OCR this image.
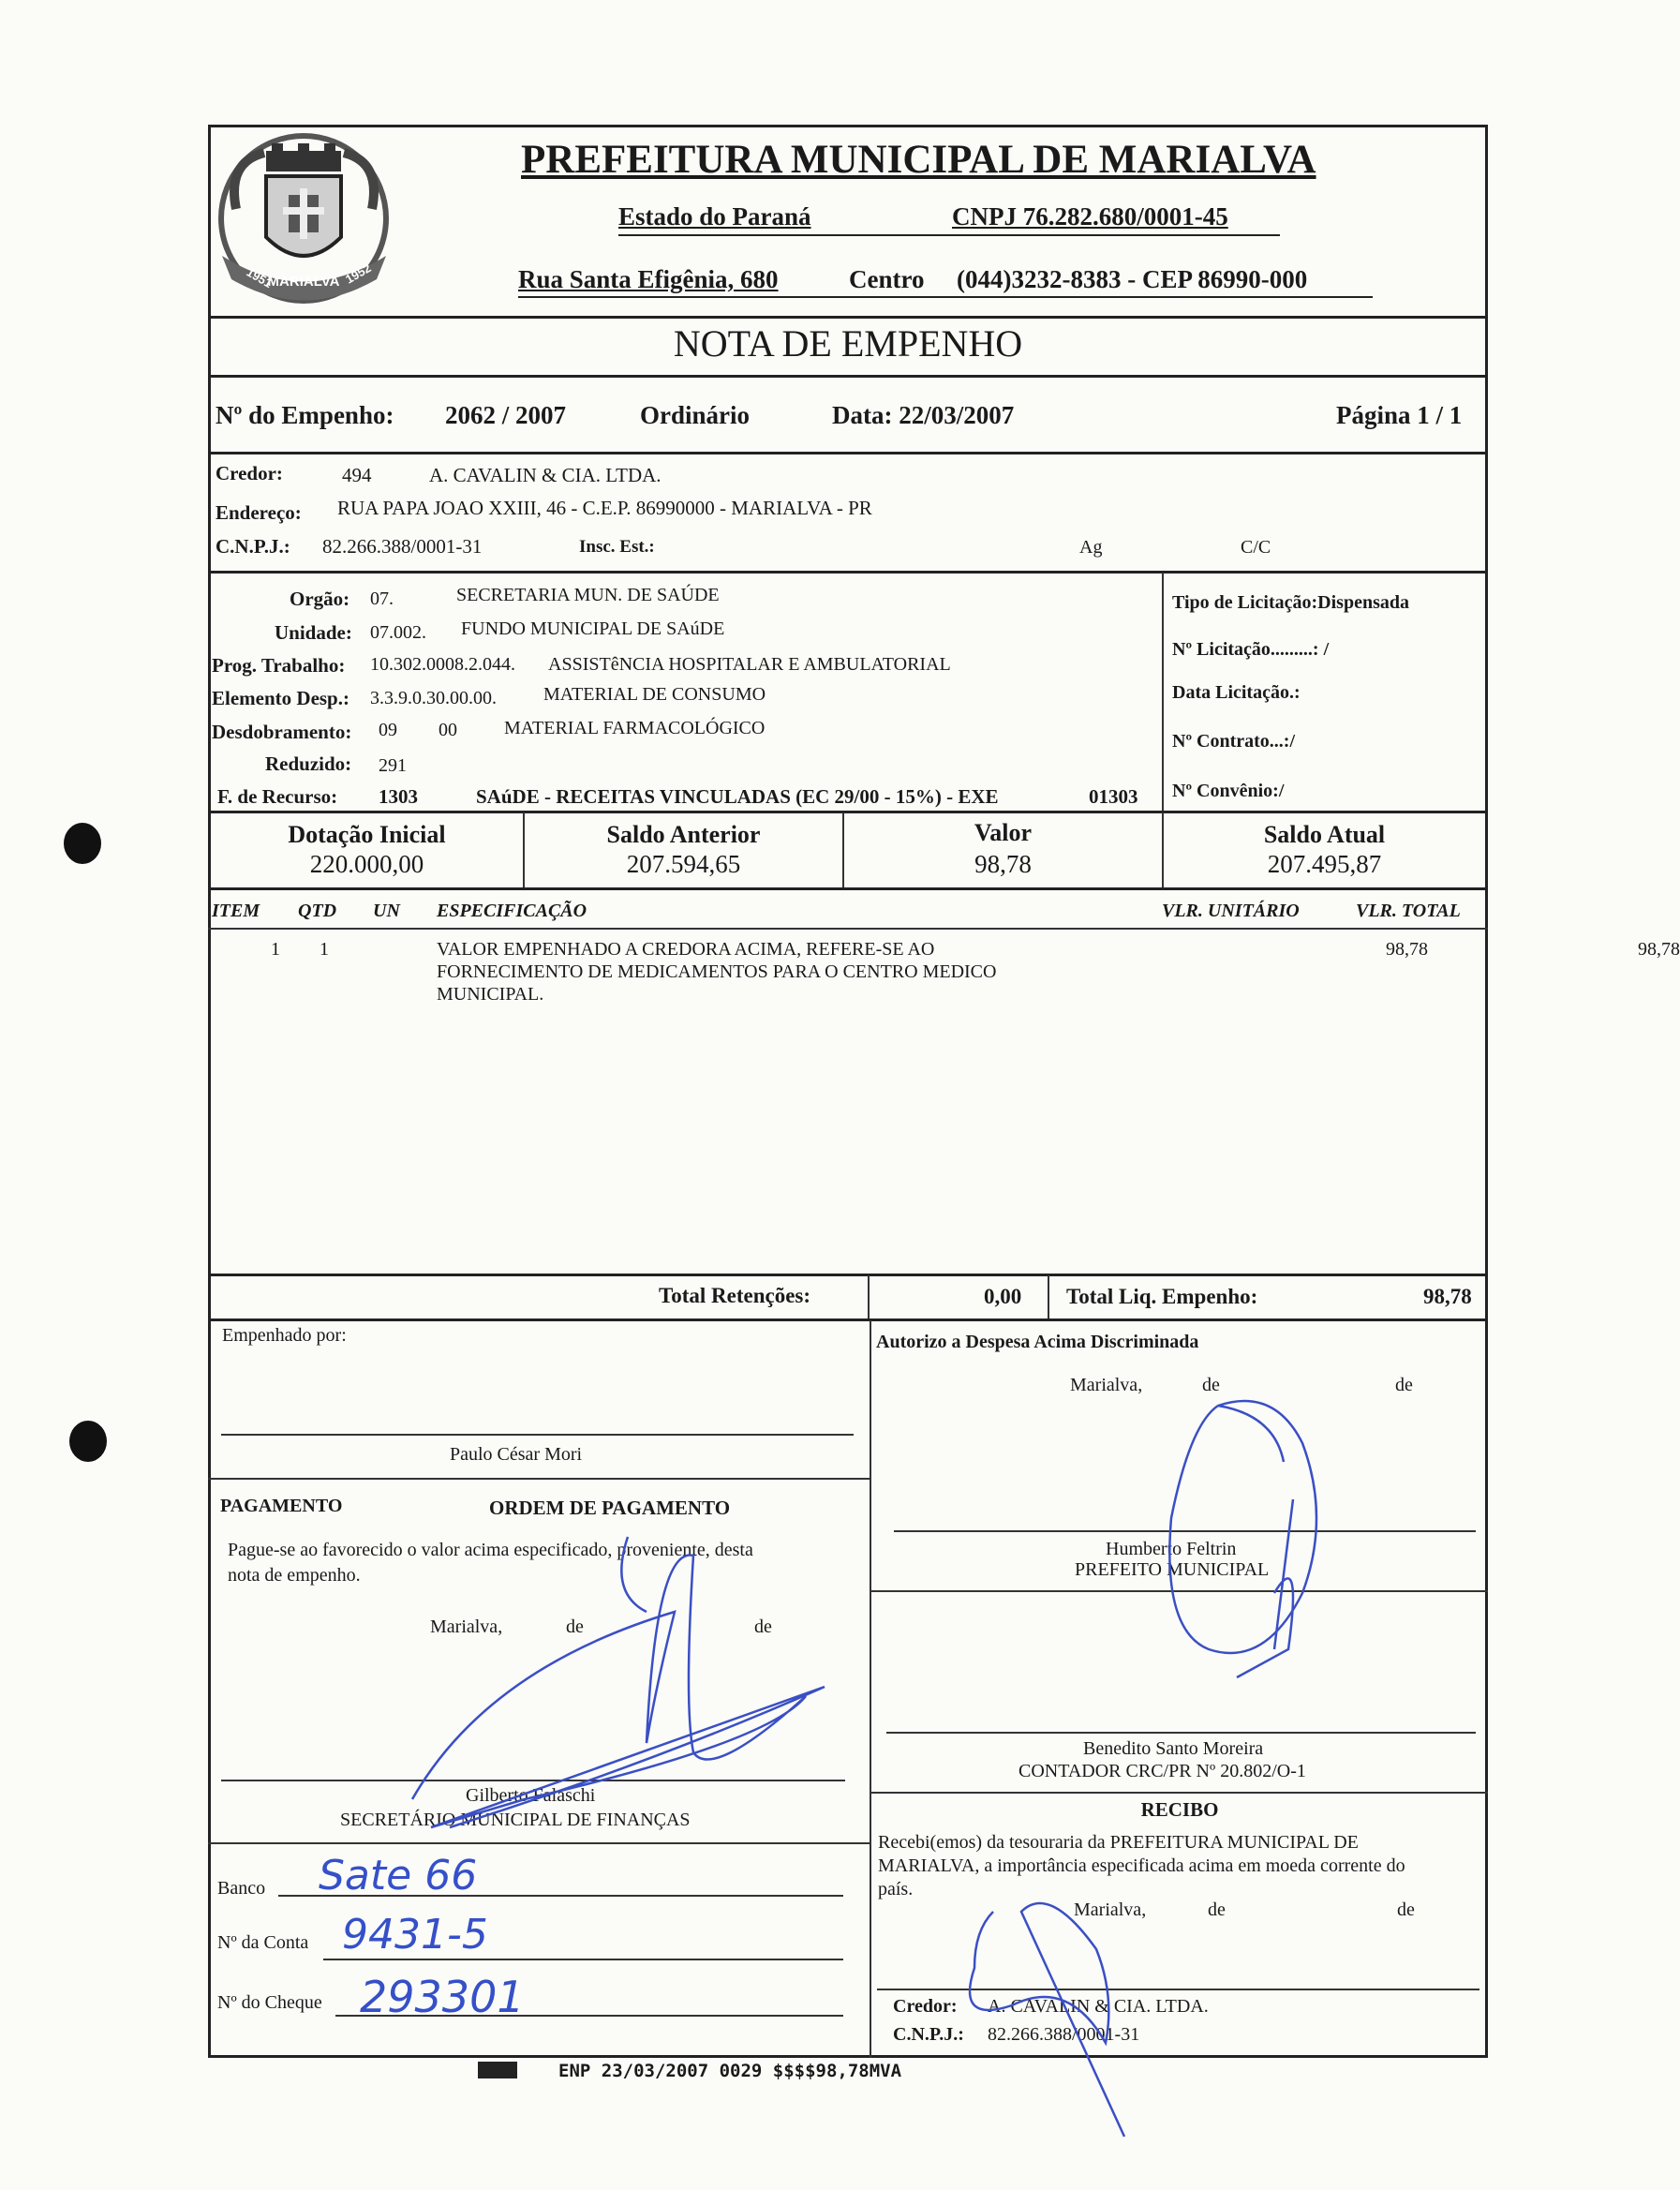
MARIALVA
1951	1952
PREFEITURA MUNICIPAL DE MARIALVA
Estado do Paraná	CNPJ 76.282.680/0001-45
Rua Santa Efigênia, 680	Centro (044)3232-8383 - CEP 86990-000
NOTA DE EMPENHO
Nº do Empenho: 2062 / 2007	Ordinário	Data: 22/03/2007	Página 1 / 1
Credor:	494	A. CAVALIN & CIA. LTDA.
Endereço: RUA PAPA JOAO XXIII, 46 - C.E.P. 86990000 - MARIALVA - PR
C.N.P.J.: 82.266.388/0001-31	Insc. Est.:	Ag	C/C
Orgão: 07.	SECRETARIA MUN. DE SAÚDE
Unidade: 07.002. FUNDO MUNICIPAL DE SAúDE
Prog. Trabalho: 10.302.0008.2.044. ASSISTêNCIA HOSPITALAR E AMBULATORIAL
Elemento Desp.: 3.3.9.0.30.00.00.	MATERIAL DE CONSUMO
Desdobramento: 09 00	MATERIAL FARMACOLÓGICO
Reduzido: 291
F. de Recurso: 1303	SAúDE - RECEITAS VINCULADAS (EC 29/00 - 15%) - EXE	01303
Tipo de Licitação:Dispensada
Nº Licitação.........: /
Data Licitação.:
Nº Contrato...:/
Nº Convênio:/
Dotação Inicial
220.000,00
Saldo Anterior
207.594,65
Valor
98,78
Saldo Atual
207.495,87
ITEM QTD UN ESPECIFICAÇÃO	VLR. UNITÁRIO	VLR. TOTAL
1 1	VALOR EMPENHADO A CREDORA ACIMA, REFERE-SE AO
FORNECIMENTO DE MEDICAMENTOS PARA O CENTRO MEDICO
MUNICIPAL.
98,78	98,78
Total Retenções:	0,00 Total Liq. Empenho:	98,78
Empenhado por:
Paulo César Mori
Autorizo a Despesa Acima Discriminada
Marialva,	de	de
Humberto Feltrin
PREFEITO MUNICIPAL
Benedito Santo Moreira
CONTADOR CRC/PR Nº 20.802/O-1
PAGAMENTO	ORDEM DE PAGAMENTO
Pague-se ao favorecido o valor acima especificado, proveniente, desta
nota de empenho.
Marialva,	de	de
Gilberto Falaschi
SECRETÁRIO MUNICIPAL DE FINANÇAS
Banco Sate 66
Nº da Conta 9431-5
Nº do Cheque 293301
RECIBO
Recebi(emos) da tesouraria da PREFEITURA MUNICIPAL DE
MARIALVA, a importância especificada acima em moeda corrente do
país.
Marialva,	de	de
Credor: A. CAVALIN & CIA. LTDA.
C.N.P.J.: 82.266.388/0001-31
ENP 23/03/2007 0029 $$$$98,78MVA
